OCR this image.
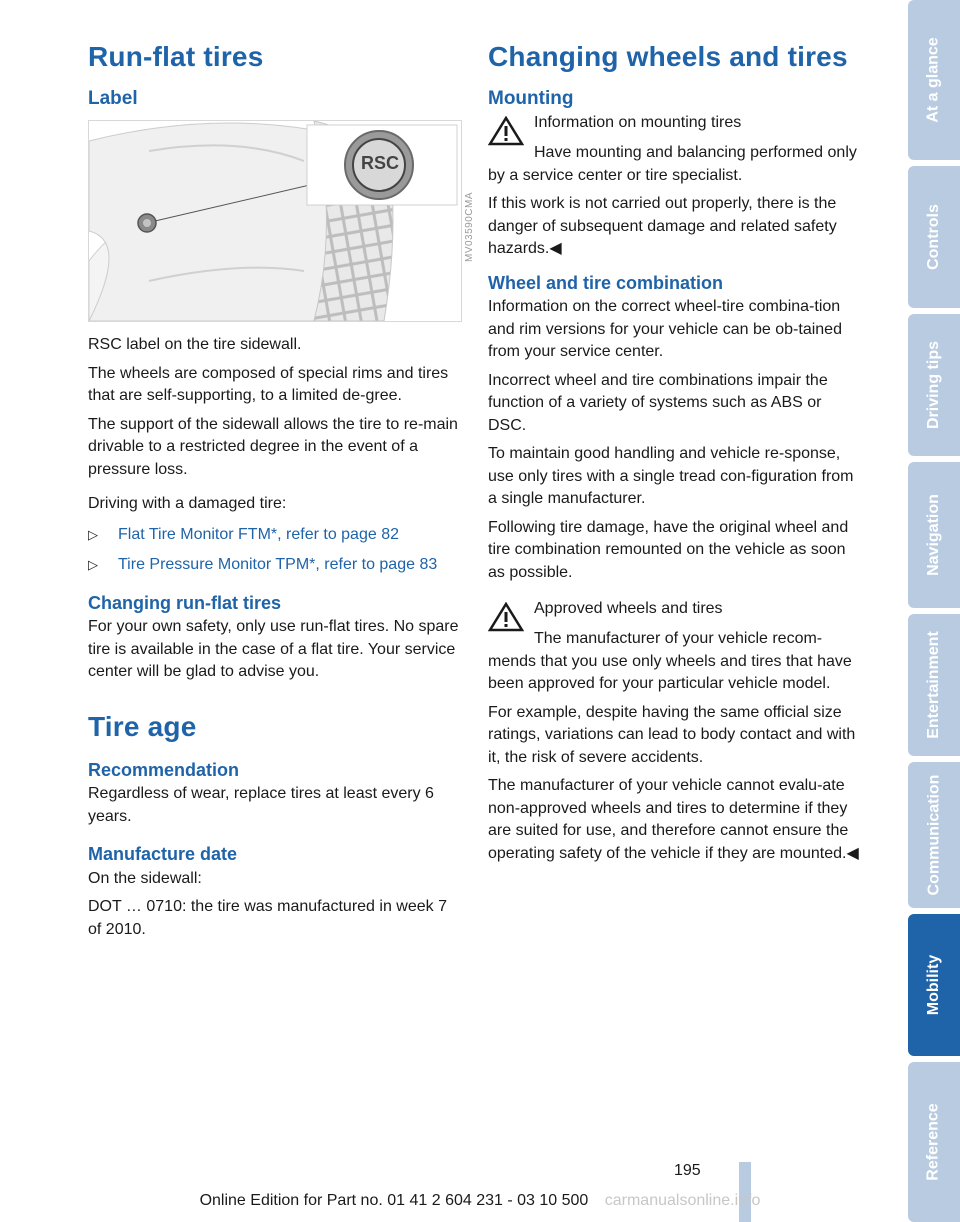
Run-flat tires
Label
RSC

RSC label on the tire sidewall.

The wheels are composed of special rims and tires that are self-supporting, to a limited de-gree.

The support of the sidewall allows the tire to re-main drivable to a restricted degree in the event of a pressure loss.

Driving with a damaged tire:

▷ Flat Tire Monitor FTM*, refer to page 82
▷ Tire Pressure Monitor TPM*, refer to page 83
Changing run-flat tires

For your own safety, only use run-flat tires. No spare tire is available in the case of a flat tire. Your service center will be glad to advise you.

Tire age
Recommendation

Regardless of wear, replace tires at least every 6 years.

Manufacture date

On the sidewall:

DOT … 0710: the tire was manufactured in week 7 of 2010.

MV03590CMA
Changing wheels and tires
Mounting

Information on mounting tires

Have mounting and balancing performed only by a service center or tire specialist.

If this work is not carried out properly, there is the danger of subsequent damage and related safety hazards.◀

Wheel and tire combination

Information on the correct wheel-tire combina-tion and rim versions for your vehicle can be ob-tained from your service center.

Incorrect wheel and tire combinations impair the function of a variety of systems such as ABS or DSC.

To maintain good handling and vehicle re-sponse, use only tires with a single tread con-figuration from a single manufacturer.

Following tire damage, have the original wheel and tire combination remounted on the vehicle as soon as possible.

Approved wheels and tires

The manufacturer of your vehicle recom-mends that you use only wheels and tires that have been approved for your particular vehicle model.

For example, despite having the same official size ratings, variations can lead to body contact and with it, the risk of severe accidents.

The manufacturer of your vehicle cannot evalu-ate non-approved wheels and tires to determine if they are suited for use, and therefore cannot ensure the operating safety of the vehicle if they are mounted.◀

At a glance
Controls
Driving tips
Navigation
Entertainment
Communication
Mobility
Reference
195
Online Edition for Part no. 01 41 2 604 231 - 03 10 500 carmanualsonline.info
